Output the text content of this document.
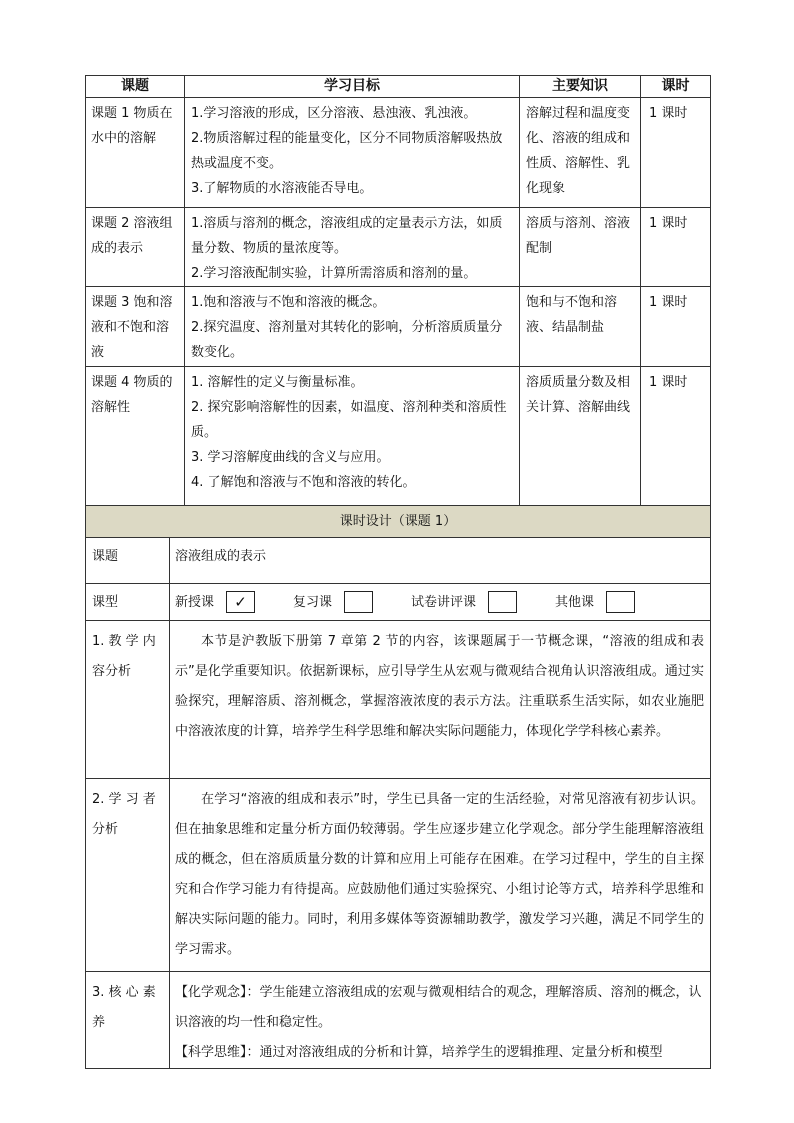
课题	学习目标	主要知识	课时
课题 1 物质在水中的溶解	1.学习溶液的形成，区分溶液、悬浊液、乳浊液。
2.物质溶解过程的能量变化，区分不同物质溶解吸热放热或温度不变。
3.了解物质的水溶液能否导电。	溶解过程和温度变化、溶液的组成和性质、溶解性、乳化现象	1 课时
课题 2 溶液组成的表示	1.溶质与溶剂的概念，溶液组成的定量表示方法，如质量分数、物质的量浓度等。
2.学习溶液配制实验，计算所需溶质和溶剂的量。	溶质与溶剂、溶液配制	1 课时
课题 3 饱和溶液和不饱和溶液	1.饱和溶液与不饱和溶液的概念。
2.探究温度、溶剂量对其转化的影响，分析溶质质量分数变化。	饱和与不饱和溶液、结晶制盐	1 课时
课题 4 物质的溶解性	1. 溶解性的定义与衡量标准。
2. 探究影响溶解性的因素，如温度、溶剂种类和溶质性质。
3. 学习溶解度曲线的含义与应用。
4. 了解饱和溶液与不饱和溶液的转化。	溶质质量分数及相关计算、溶解曲线	1 课时
课时设计（课题 1）	
课题	溶液组成的表示
课型	新授课 ✓ 复习课 试卷讲评课 其他课

1. 教 学 内容分析	本节是沪教版下册第 7 章第 2 节的内容，该课题属于一节概念课，“溶液的组成和表示”是化学重要知识。依据新课标，应引导学生从宏观与微观结合视角认识溶液组成。通过实验探究，理解溶质、溶剂概念，掌握溶液浓度的表示方法。注重联系生活实际，如农业施肥中溶液浓度的计算，培养学生科学思维和解决实际问题能力，体现化学学科核心素养。

2. 学 习 者分析	在学习“溶液的组成和表示”时，学生已具备一定的生活经验，对常见溶液有初步认识。但在抽象思维和定量分析方面仍较薄弱。学生应逐步建立化学观念。部分学生能理解溶液组成的概念，但在溶质质量分数的计算和应用上可能存在困难。在学习过程中，学生的自主探究和合作学习能力有待提高。应鼓励他们通过实验探究、小组讨论等方式，培养科学思维和解决实际问题的能力。同时，利用多媒体等资源辅助教学，激发学习兴趣，满足不同学生的学习需求。

3. 核 心 素养	【化学观念】：学生能建立溶液组成的宏观与微观相结合的观念，理解溶质、溶剂的概念，认识溶液的均一性和稳定性。
【科学思维】：通过对溶液组成的分析和计算，培养学生的逻辑推理、定量分析和模型
